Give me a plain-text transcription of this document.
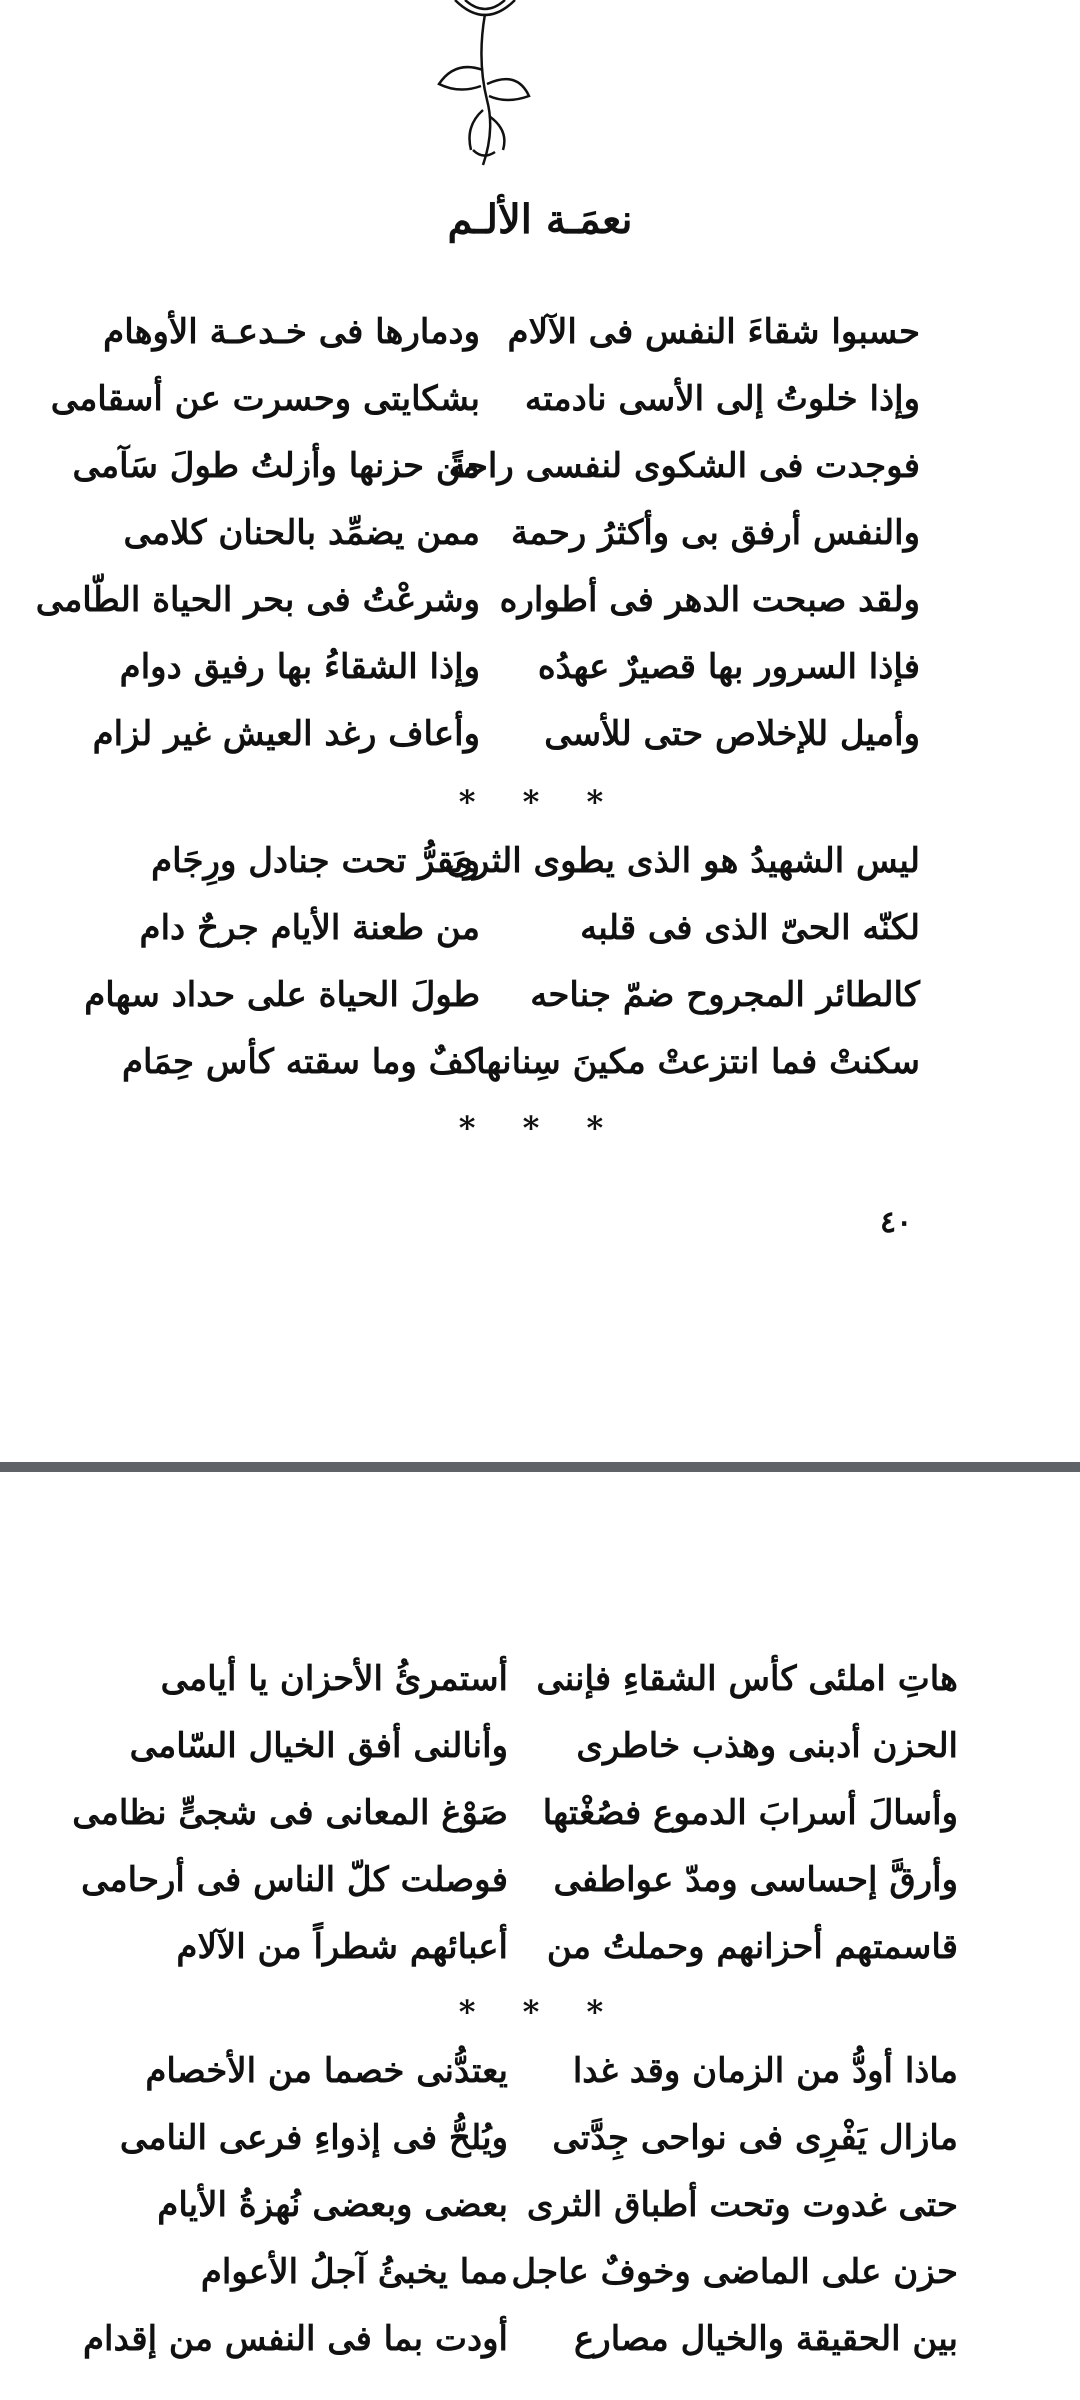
نعمَـة الألـم
حسبوا شقاءَ النفس فى الآلام
ودمارها فى خـدعـة الأوهام
وإذا خلوتُ إلى الأسى نادمته
بشكايتى وحسرت عن أسقامى
فوجدت فى الشكوى لنفسى راحةً
من حزنها وأزلتُ طولَ سَآمى
والنفس أرفق بى وأكثرُ رحمة
ممن يضمِّد بالحنان كلامى
ولقد صبحت الدهر فى أطواره
وشرعْتُ فى بحر الحياة الطّامى
فإذا السرور بها قصيرٌ عهدُه
وإذا الشقاءُ بها رفيق دوام
وأميل للإخلاص حتى للأسى
وأعاف رغد العيش غير لزام
* * *
ليس الشهيدُ هو الذى يطوى الثرى
ويَقرُّ تحت جنادل ورِجَام
لكنّه الحىّ الذى فى قلبه
من طعنة الأيام جرحٌ دام
كالطائر المجروح ضمّ جناحه
طولَ الحياة على حداد سهام
سكنتْ فما انتزعتْ مكينَ سِنانها
كفٌ وما سقته كأس حِمَام
* * *
٤٠
هاتِ املئى كأس الشقاءِ فإننى
أستمرئُ الأحزان يا أيامى
الحزن أدبنى وهذب خاطرى
وأنالنى أفق الخيال السّامى
وأسالَ أسرابَ الدموع فصُغْتها
صَوْغ المعانى فى شجىٍّ نظامى
وأرقَّ إحساسى ومدّ عواطفى
فوصلت كلّ الناس فى أرحامى
قاسمتهم أحزانهم وحملتُ من
أعبائهم شطراً من الآلام
* * *
ماذا أودُّ من الزمان وقد غدا
يعتدُّنى خصما من الأخصام
مازال يَفْرِى فى نواحى جِدَّتى
ويُلحُّ فى إذواءِ فرعى النامى
حتى غدوت وتحت أطباق الثرى
بعضى وبعضى نُهزةُ الأيام
حزن على الماضى وخوفٌ عاجل
مما يخبئُ آجلُ الأعوام
بين الحقيقة والخيال مصارع
أودت بما فى النفس من إقدام
